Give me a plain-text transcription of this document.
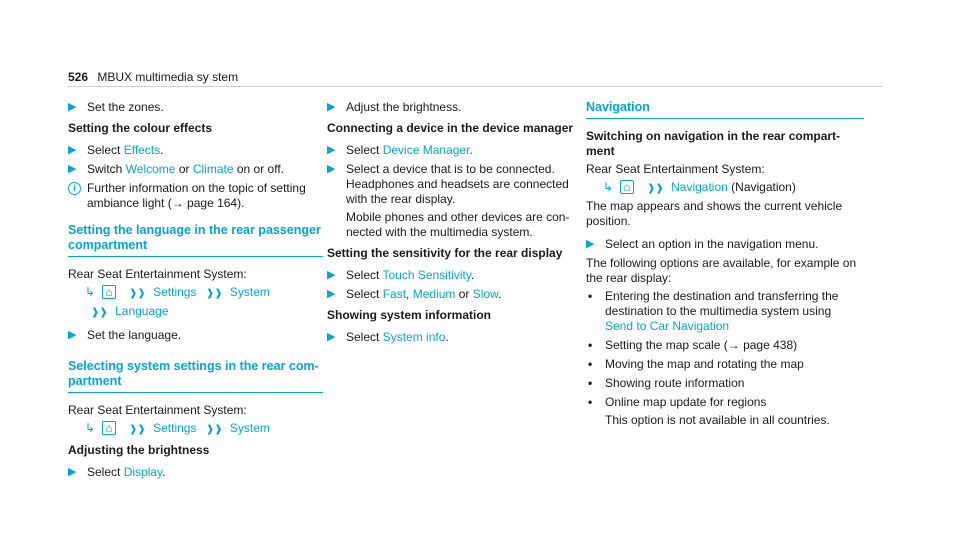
526 MBUX multimedia sy stem
▶ Set the zones.
Setting the colour effects
▶ Select Effects.
▶ Switch Welcome or Climate on or off.
i Further information on the topic of setting ambiance light (→ page 164).
Setting the language in the rear passenger compartment
Rear Seat Entertainment System:
↳ ⌂ ❱❱ Settings ❱❱ System
❱❱ Language
▶ Set the language.
Selecting system settings in the rear com- partment
Rear Seat Entertainment System:
↳ ⌂ ❱❱ Settings ❱❱ System
Adjusting the brightness
▶ Select Display.
▶ Adjust the brightness.
Connecting a device in the device manager
▶ Select Device Manager.
▶ Select a device that is to be connected. Headphones and headsets are connected with the rear display.
Mobile phones and other devices are con- nected with the multimedia system.
Setting the sensitivity for the rear display
▶ Select Touch Sensitivity.
▶ Select Fast, Medium or Slow.
Showing system information
▶ Select System info.
Navigation
Switching on navigation in the rear compart- ment
Rear Seat Entertainment System:
↳ ⌂ ❱❱ Navigation (Navigation)
The map appears and shows the current vehicle position.
▶ Select an option in the navigation menu.
The following options are available, for example on the rear display:
• Entering the destination and transferring the destination to the multimedia system using
Send to Car Navigation
• Setting the map scale (→ page 438)
• Moving the map and rotating the map
• Showing route information
• Online map update for regions
This option is not available in all countries.
